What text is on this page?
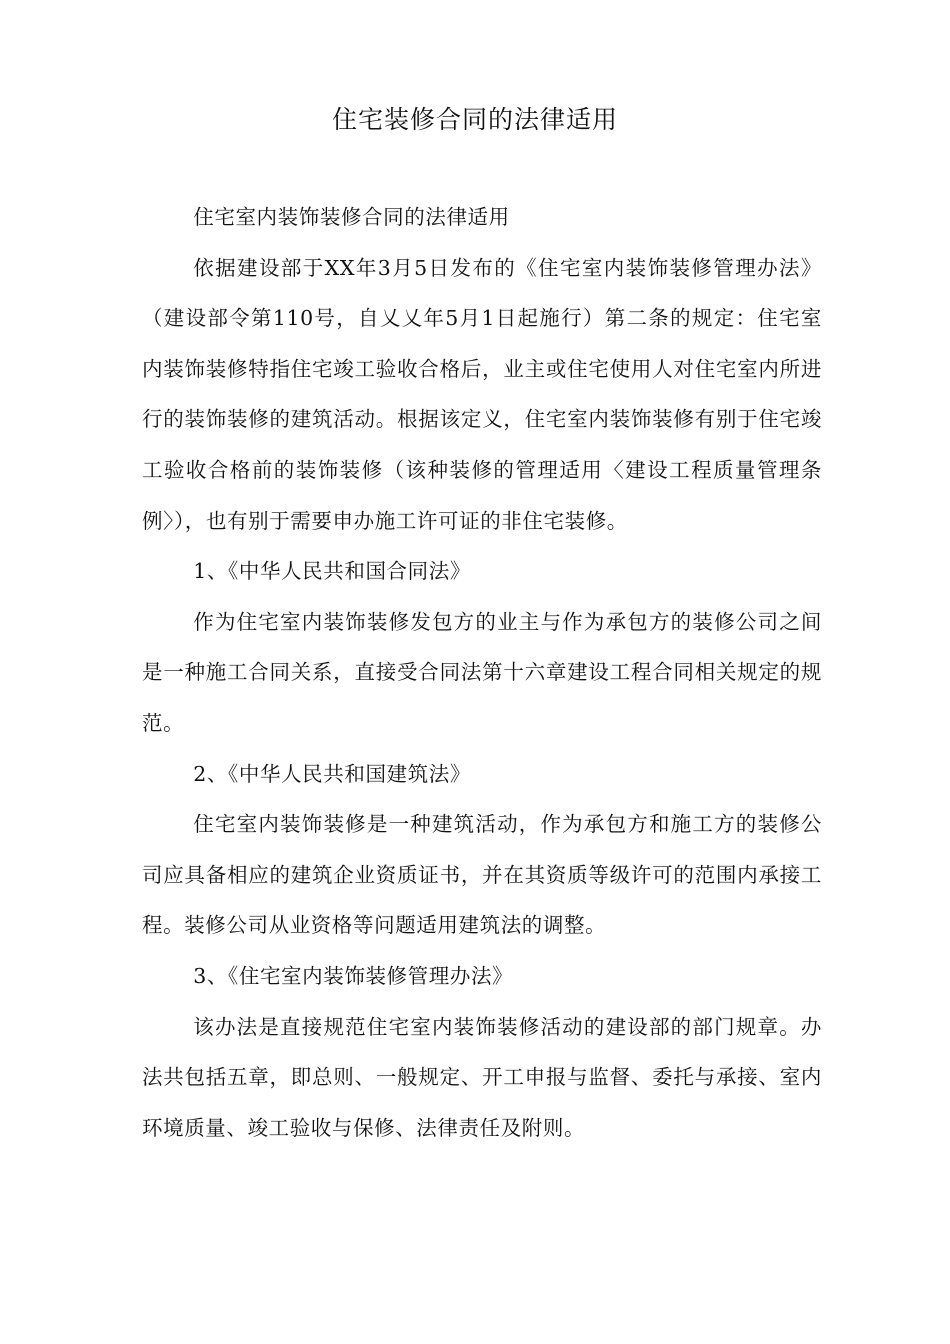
住宅装修合同的法律适用

住宅室内装饰装修合同的法律适用

依据建设部于XX年3月5日发布的《住宅室内装饰装修管理办法》（建设部令第110号，自乂乂年5月1日起施行）第二条的规定：住宅室内装饰装修特指住宅竣工验收合格后，业主或住宅使用人对住宅室内所进行的装饰装修的建筑活动。根据该定义，住宅室内装饰装修有别于住宅竣工验收合格前的装饰装修（该种装修的管理适用〈建设工程质量管理条例〉），也有别于需要申办施工许可证的非住宅装修。

1、《中华人民共和国合同法》

作为住宅室内装饰装修发包方的业主与作为承包方的装修公司之间是一种施工合同关系，直接受合同法第十六章建设工程合同相关规定的规范。

2、《中华人民共和国建筑法》

住宅室内装饰装修是一种建筑活动，作为承包方和施工方的装修公司应具备相应的建筑企业资质证书，并在其资质等级许可的范围内承接工程。装修公司从业资格等问题适用建筑法的调整。

3、《住宅室内装饰装修管理办法》

该办法是直接规范住宅室内装饰装修活动的建设部的部门规章。办法共包括五章，即总则、一般规定、开工申报与监督、委托与承接、室内环境质量、竣工验收与保修、法律责任及附则。
